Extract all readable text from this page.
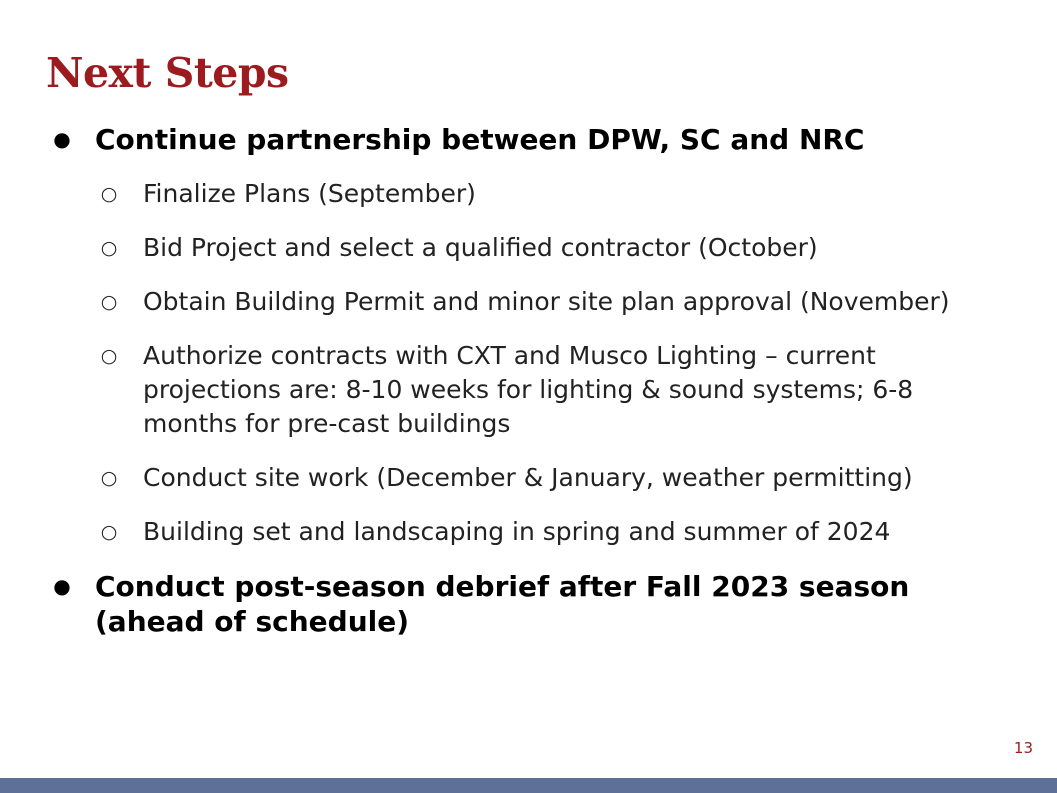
Next Steps
● Continue partnership between DPW, SC and NRC
○ Finalize Plans (September)
○ Bid Project and select a qualified contractor (October)
○ Obtain Building Permit and minor site plan approval (November)
○ Authorize contracts with CXT and Musco Lighting – current projections are: 8-10 weeks for lighting & sound systems; 6-8 months for pre-cast buildings
○ Conduct site work (December & January, weather permitting)
○ Building set and landscaping in spring and summer of 2024
● Conduct post-season debrief after Fall 2023 season (ahead of schedule)
13
